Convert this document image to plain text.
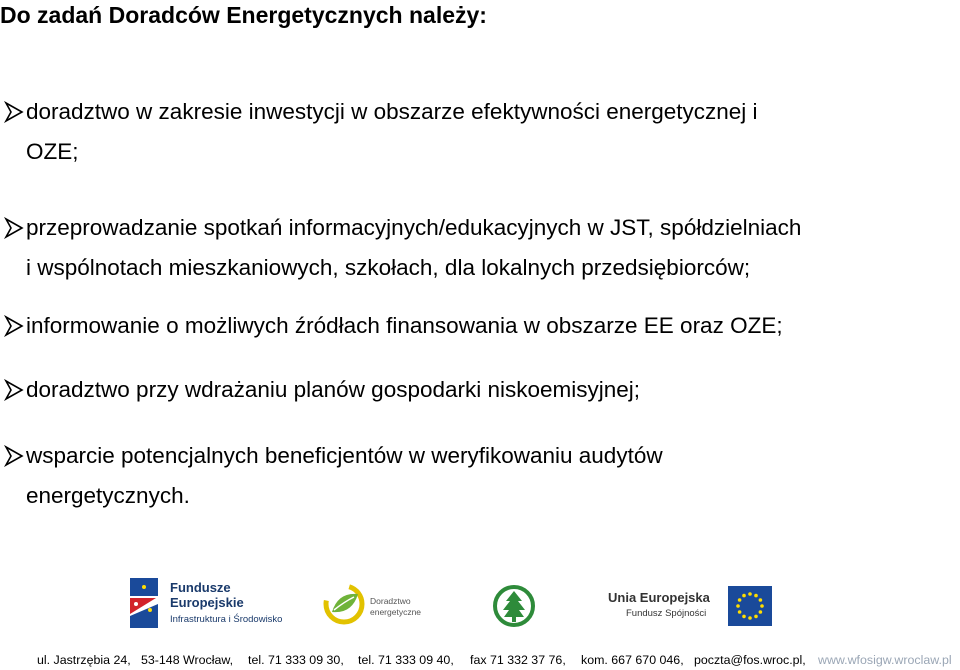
Do zadań Doradców Energetycznych należy:
doradztwo w zakresie inwestycji w obszarze efektywności energetycznej i
OZE;
przeprowadzanie spotkań informacyjnych/edukacyjnych w JST, spółdzielniach
i wspólnotach mieszkaniowych, szkołach, dla lokalnych przedsiębiorców;
informowanie o możliwych źródłach finansowania w obszarze EE oraz OZE;
doradztwo przy wdrażaniu planów gospodarki niskoemisyjnej;
wsparcie potencjalnych beneficjentów w weryfikowaniu audytów
energetycznych.
Fundusze
Europejskie
Infrastruktura i Środowisko
Doradztwo
energetyczne
Unia Europejska
Fundusz Spójności
ul. Jastrzębia 24, 53-148 Wrocław, tel. 71 333 09 30, tel. 71 333 09 40, fax 71 332 37 76, kom. 667 670 046, poczta@fos.wroc.pl, www.wfosigw.wroclaw.pl
